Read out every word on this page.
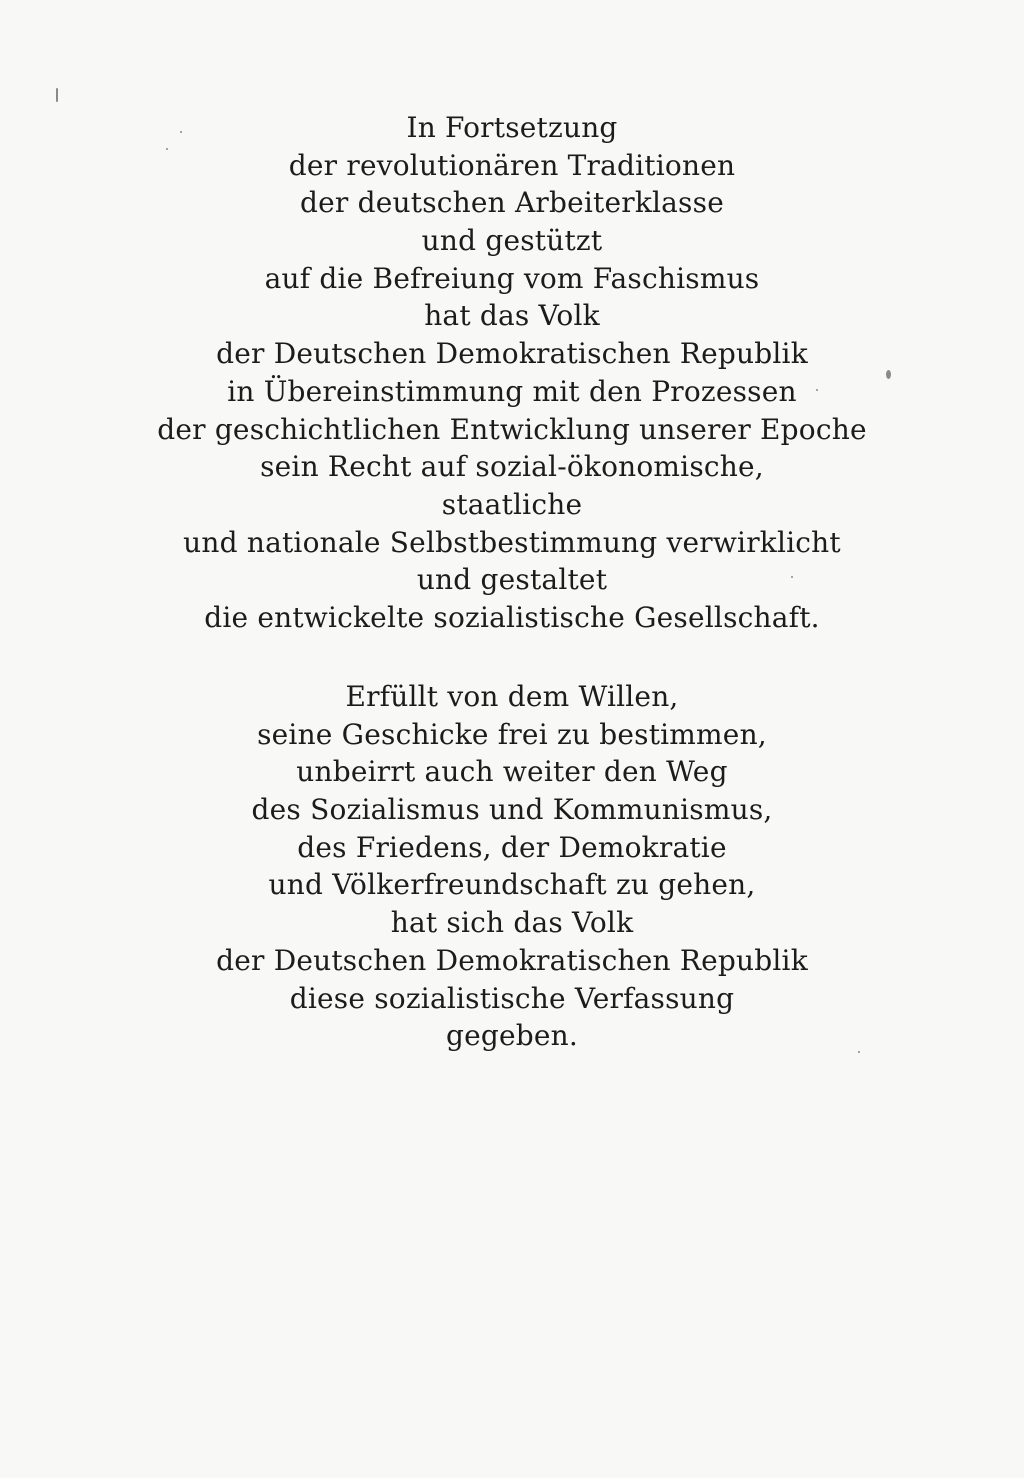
In Fortsetzung
der revolutionären Traditionen
der deutschen Arbeiterklasse
und gestützt
auf die Befreiung vom Faschismus
hat das Volk
der Deutschen Demokratischen Republik
in Übereinstimmung mit den Prozessen
der geschichtlichen Entwicklung unserer Epoche
sein Recht auf sozial-ökonomische,
staatliche
und nationale Selbstbestimmung verwirklicht
und gestaltet
die entwickelte sozialistische Gesellschaft.
Erfüllt von dem Willen,
seine Geschicke frei zu bestimmen,
unbeirrt auch weiter den Weg
des Sozialismus und Kommunismus,
des Friedens, der Demokratie
und Völkerfreundschaft zu gehen,
hat sich das Volk
der Deutschen Demokratischen Republik
diese sozialistische Verfassung
gegeben.
